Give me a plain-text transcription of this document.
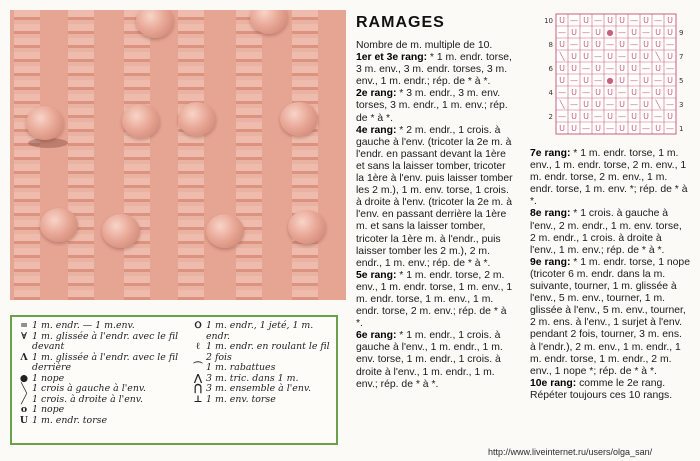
= 1 m. endr. — 1 m.env.
∀ 1 m. glissée à l'endr. avec le fil devant
Λ 1 m. glissée à l'endr. avec le fil derrière
● 1 nope
╲ 1 crois à gauche à l'env.
╱ 1 crois. à droite à l'env.
o 1 nope
U 1 m. endr. torse
Ⲟ 1 m. endr., 1 jeté, 1 m. endr.
ℓ 1 m. endr. en roulant le fil 2 fois
⌒ 1 m. rabattues
⋀ 3 m. tric. dans 1 m.
⋂ 3 m. ensemble à l'env.
⊥ 1 m. env. torse
RAMAGES

Nombre de m. multiple de 10.

1er et 3e rang: * 1 m. endr. torse, 3 m. env., 3 m. endr. torses, 3 m. env., 1 m. endr.; rép. de * à *.

2e rang: * 3 m. endr., 3 m. env. torses, 3 m. endr., 1 m. env.; rép. de * à *.

4e rang: * 2 m. endr., 1 crois. à gauche à l'env. (tricoter la 2e m. à l'endr. en passant devant la 1ère et sans la laisser tomber, tricoter la 1ère à l'env. puis laisser tomber les 2 m.), 1 m. env. torse, 1 crois. à droite à l'env. (tricoter la 2e m. à l'env. en passant derrière la 1ère m. et sans la laisser tomber, tricoter la 1ère m. à l'endr., puis laisser tomber les 2 m.), 2 m. endr., 1 m. env.; rép. de * à *.

5e rang: * 1 m. endr. torse, 2 m. env., 1 m. endr. torse, 1 m. env., 1 m. endr. torse, 1 m. env., 1 m. endr. torse, 2 m. env.; rép. de * à *.

6e rang: * 1 m. endr., 1 crois. à gauche à l'env., 1 m. endr., 1 m. env. torse, 1 m. endr., 1 crois. à droite à l'env., 1 m. endr., 1 m. env.; rép. de * à *.

7e rang: * 1 m. endr. torse, 1 m. env., 1 m. endr. torse, 2 m. env., 1 m. endr. torse, 2 m. env., 1 m. endr. torse, 1 m. env. *; rép. de * à *.

8e rang: * 1 crois. à gauche à l'env., 2 m. endr., 1 m. env. torse, 2 m. endr., 1 crois. à droite à l'env., 1 m. env.; rép. de * à *.

9e rang: * 1 m. endr. torse, 1 nope (tricoter 6 m. endr. dans la m. suivante, tourner, 1 m. glissée à l'env., 5 m. env., tourner, 1 m. glissée à l'env., 5 m. env., tourner, 2 m. ens. à l'env., 1 surjet à l'env. pendant 2 fois, tourner, 3 m. ens. à l'endr.), 2 m. env., 1 m. endr., 1 m. endr. torse, 1 m. endr., 2 m. env., 1 nope *; rép. de * à *.

10e rang: comme le 2e rang. Répéter toujours ces 10 rangs.

U — U — U U — U — U
— U — U ● — U — U U
U — U U — U — U U —
╲ U U — U — U U ╲ U
U U — U — U U — U —
U — U — ● U — U — U
— U — U U — U — U U
╲ — U U — U — U ╲ —
— U U — U — U U — U
U U — U — U U — U —
10
8
6
4
2
9
7
5
3
1
http://www.liveinternet.ru/users/olga_san/
